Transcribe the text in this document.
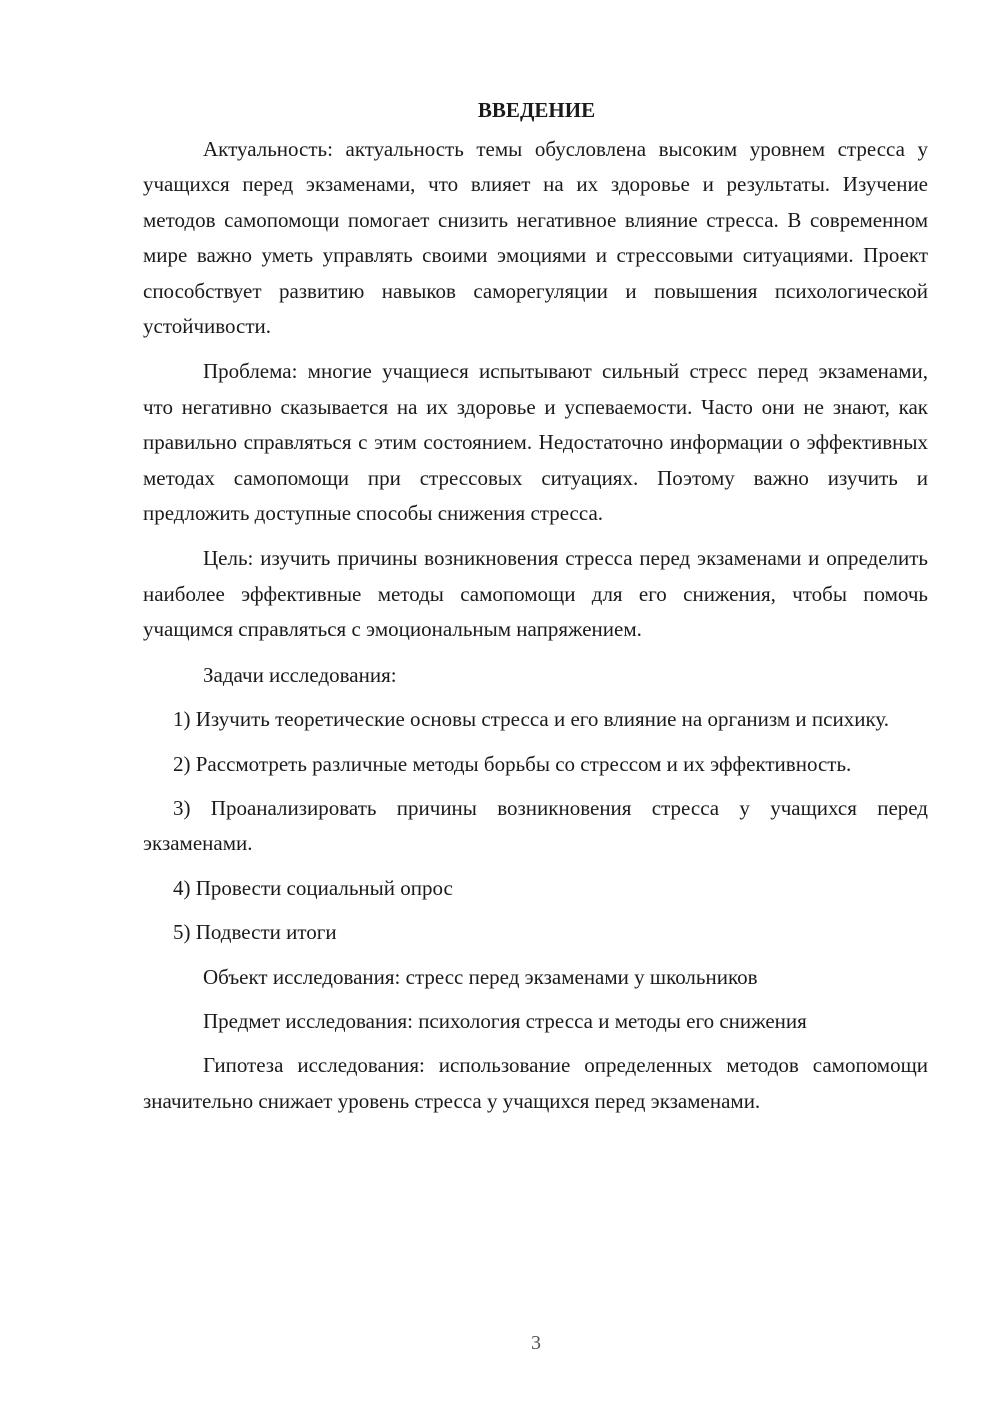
ВВЕДЕНИЕ

Актуальность: актуальность темы обусловлена высоким уровнем стресса у учащихся перед экзаменами, что влияет на их здоровье и результаты. Изучение методов самопомощи помогает снизить негативное влияние стресса. В современном мире важно уметь управлять своими эмоциями и стрессовыми ситуациями. Проект способствует развитию навыков саморегуляции и повышения психологической устойчивости.

Проблема: многие учащиеся испытывают сильный стресс перед экзаменами, что негативно сказывается на их здоровье и успеваемости. Часто они не знают, как правильно справляться с этим состоянием. Недостаточно информации о эффективных методах самопомощи при стрессовых ситуациях. Поэтому важно изучить и предложить доступные способы снижения стресса.

Цель: изучить причины возникновения стресса перед экзаменами и определить наиболее эффективные методы самопомощи для его снижения, чтобы помочь учащимся справляться с эмоциональным напряжением.

Задачи исследования:

1) Изучить теоретические основы стресса и его влияние на организм и психику.

2) Рассмотреть различные методы борьбы со стрессом и их эффективность.

3) Проанализировать причины возникновения стресса у учащихся перед экзаменами.

4) Провести социальный опрос

5) Подвести итоги

Объект исследования: стресс перед экзаменами у школьников

Предмет исследования: психология стресса и методы его снижения

Гипотеза исследования: использование определенных методов самопомощи значительно снижает уровень стресса у учащихся перед экзаменами.

3
